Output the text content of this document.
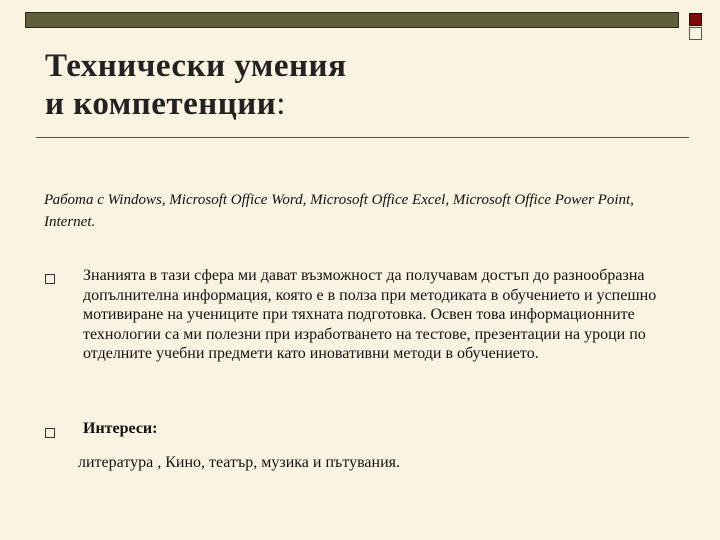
Технически умения
и компетенции:

Работа с Windows, Microsoft Office Word, Microsoft Office Excel, Microsoft Office Power Point, Internet.

Знанията в тази сфера ми дават възможност да получавам достъп до разнообразна допълнителна информация, която е в полза при методиката в обучението и успешно мотивиране на учениците при тяхната подготовка. Освен това информационните технологии са ми полезни при изработването на тестове, презентации на уроци по отделните учебни предмети като иновативни методи в обучението.

Интереси:

литература , Кино, театър, музика и пътувания.
